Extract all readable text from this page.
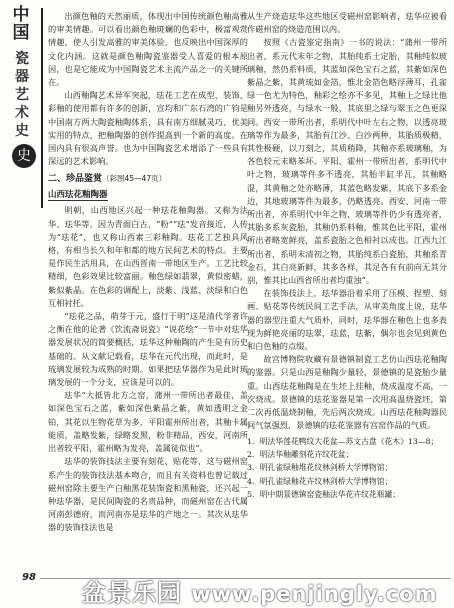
中国
瓷器艺术史
史

出颜色釉的天然丽质，体现出中国传统颜色釉高雅的审美情趣。可以看出颜色釉斑斓的色彩中，极富观赏情趣，使人引发高雅的审美体验，也反映出中国深厚的文化内涵。这就是颜色釉陶瓷鉴器受人喜爱的根本原因，也是它能成为中国陶瓷艺术主流产品之一的关键所在。

山西釉陶艺术异军突起，珐花工艺在成型、装饰、彩釉的使用都有许多的创新，宣均和广东石湾的广钧是中国南方两大陶瓷釉陶体系，具有南方细腻灵巧、优美实用的特点，把釉陶器的创作提高到一个新的高度。在国内具有很高声誉。也为中国陶瓷艺术增添了一些具有深远的艺术影响。

二、珍品鉴赏（彩图45—47页）
山西珐花釉陶器

明朝，山西地区兴起一种珐花釉陶器。又称为法华、珐华等，因为青面白古，“粉”“珐”发音接近，人传为“珐花”，也又称山西素三彩釉陶。珐花工艺独具风格，有相当长久和年和都的地方民间艺术的特点。主要是作民生活用具，在山西晋南一带地区生产。工艺比较精细，色彩效果比较富丽。釉色绿如翡翠，黄似密蜡，紫似紫晶。在色彩的调配上，淡紫、浅蓝、淡绿和白色互相衬托。

“珐花之品，萌芽于元，盛行于明”这是清代学者许之衡在他的论著《饮流斋说瓷》“说花绘”一节中对珐华器发展状况的简要概括，珐华这种釉陶的产生是有历史基础的。从文献记载看，珐华在元代出现，而此时，是琉璃发展较为成熟的时期。如果把珐华器作为是此时琉璃发展的一个分支，应该是可以的。

珐华“大抵皆北方之窑，蒲州一带所出者最佳，盖如深色宝石之蓝，紫如深色紫晶之紫，黄如透明之金铂，其花以生物花草为多，平阳霍州所出者，其釉卡属能质，盖略发紫，绿略发黑，粉非精品，西安，河南所出者较平阳，霍州略为发亮，盖属徒似也”。

珐华的装饰技法主要有刻花、贴花等，这与磁州窑系产生的装饰技法基本吻合，而且有关资料也曾记载过磁州窑除主要生产白釉黑花装饰瓷和黑釉瓷，还兴起一种珐华器，是民间陶瓷的名贵品种，而磁州窑在古代属河南彭德府，而河南亦是珐华的产地之一。其次从珐华器的装饰技法也是

从生产烧造珐华这些地区受磁州窑影响者，珐华应被看作磁州窑的烧造范围以内。

按照《古瓷鉴定指南》一书的说法：“蒲州一带所出者，系元代末年之物，其胎纯系土定胎，其釉纯似玻璃釉，然仍系料质，其蓝如深色宝石之蓝，其紫如深色紫晶之紫，其黄琉如金箔，惟北金箔色略浮薄耳，孔雀绿一色尤为特色，釉彩之绘亦不多见，其釉上之绿比他釉另外透亮，与绿水一般，其底里之绿与翠玉之色更深同。西安一带所出者，系明代中叶左右之物，以透亮玻璃等作为最多，其胎有江沙、白沙两种，其胎质极精，其性极硬，以刀刻之，其质稍降，其釉亦系玻璃釉，为各色较元末略苯坏。平阳、霍州一带所出者，系明代中叶之物，玻璃等件多不透亮，其胎半缸半瓦，其釉略混，其黄釉之处亦略薄，其蓝色略发紫，其底下多系金边，其地玻璃等件为最多，仍略透亮。西安、河南一带所出者，亦系明代中年之物，玻璃等件仍少有透亮者，其胎多系灰瓷胎，其釉仍系料釉，惟其色比平阳，霍州所出者略宽鲜亮，盖系瓷胎之色相衬以成也。江西九江所出者，系明末清初之物，其胎纯系白瓷胎，其釉系青金石，其白亮新鲜，其多各样，其足各有有前向无其分别，惟其比山西省所出者均重浊”。

在装饰技法上，珐华器沿着采用了压模、捏塑、刻画、贴花等传统民间工艺手法，从审美角度上说，珐华器的器型注重大气质朴，同时，珐华器在釉色上也多表现为鲜艳亮丽的珐翠，珐蓝，珐紫，偶尔也会见到黄色和白色釉的点缀。

故宫博物院收藏有景德镇制瓷工艺仿山西珐花釉陶的鉴器。只是山西是釉陶少量轻，景德镇的是瓷胎少量重。山西珐花釉陶是在生坯上挂釉，烧成温度不高，一次烧成。景德镇的珐花鉴器是第一次用高温烧瓷坯，第二次再低温烧制釉，先后两次烧成。山西珐花釉陶器民间气氛强烈，景德镇的珐花鉴器有宫窑作品的气质。

1．明法华莲花鸭纹大花盆—苏文古盘《花木》13—8；
2．明法华釉雕刻花卉纹花盆；
3．明孔雀绿釉堆花纹林剑桥大学博物馆；
4．明孔雀绿釉花卉纹林剑桥大学博物馆；
5．明中期景德镇窑瓷釉法华花卉纹花瓶罐；
98
盆景乐园 www.penjingly.com
